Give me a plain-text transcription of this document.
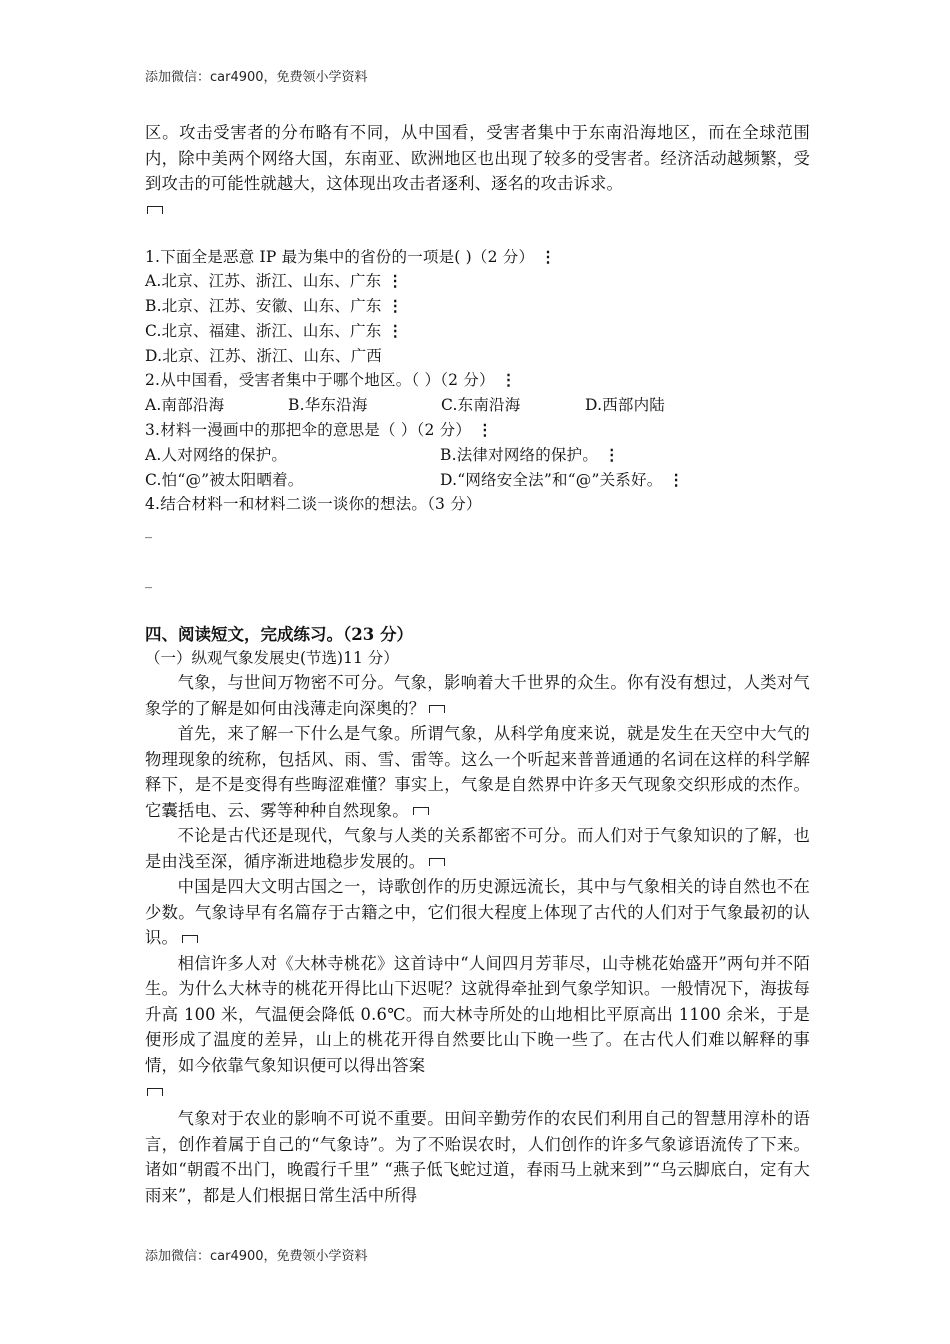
添加微信：car4900，免费领小学资料

区。攻击受害者的分布略有不同，从中国看，受害者集中于东南沿海地区，而在全球范围内，除中美两个网络大国，东南亚、欧洲地区也出现了较多的受害者。经济活动越频繁，受到攻击的可能性就越大，这体现出攻击者逐利、逐名的攻击诉求。

1.下面全是恶意 IP 最为集中的省份的一项是( )（2 分） ⋮

A.北京、江苏、浙江、山东、广东 ⋮

B.北京、江苏、安徽、山东、广东 ⋮

C.北京、福建、浙江、山东、广东 ⋮

D.北京、江苏、浙江、山东、广西

2.从中国看，受害者集中于哪个地区。（ ）（2 分） ⋮

A.南部沿海	B.华东沿海	C.东南沿海	D.西部内陆

3.材料一漫画中的那把伞的意思是（ ）（2 分） ⋮

A.人对网络的保护。	B.法律对网络的保护。 ⋮

C.怕“@”被太阳晒着。	D.“网络安全法”和“@”关系好。 ⋮

4.结合材料一和材料二谈一谈你的想法。（3 分）

_
_

四、阅读短文，完成练习。（23 分）

（一）纵观气象发展史(节选)11 分）

气象，与世间万物密不可分。气象，影响着大千世界的众生。你有没有想过，人类对气象学的了解是如何由浅薄走向深奥的？

首先，来了解一下什么是气象。所谓气象，从科学角度来说，就是发生在天空中大气的物理现象的统称，包括风、雨、雪、雷等。这么一个听起来普普通通的名词在这样的科学解释下，是不是变得有些晦涩难懂？事实上，气象是自然界中许多天气现象交织形成的杰作。它囊括电、云、雾等种种自然现象。

不论是古代还是现代，气象与人类的关系都密不可分。而人们对于气象知识的了解，也是由浅至深，循序渐进地稳步发展的。

中国是四大文明古国之一，诗歌创作的历史源远流长，其中与气象相关的诗自然也不在少数。气象诗早有名篇存于古籍之中，它们很大程度上体现了古代的人们对于气象最初的认识。

相信许多人对《大林寺桃花》这首诗中“人间四月芳菲尽，山寺桃花始盛开”两句并不陌生。为什么大林寺的桃花开得比山下迟呢？这就得牵扯到气象学知识。一般情况下，海拔每升高 100 米，气温便会降低 0.6℃。而大林寺所处的山地相比平原高出 1100 余米，于是便形成了温度的差异，山上的桃花开得自然要比山下晚一些了。在古代人们难以解释的事情，如今依靠气象知识便可以得出答案

气象对于农业的影响不可说不重要。田间辛勤劳作的农民们利用自己的智慧用淳朴的语言，创作着属于自己的“气象诗”。为了不贻误农时，人们创作的许多气象谚语流传了下来。诸如“朝霞不出门，晚霞行千里” “燕子低飞蛇过道，春雨马上就来到”“乌云脚底白，定有大雨来”，都是人们根据日常生活中所得

添加微信：car4900，免费领小学资料
